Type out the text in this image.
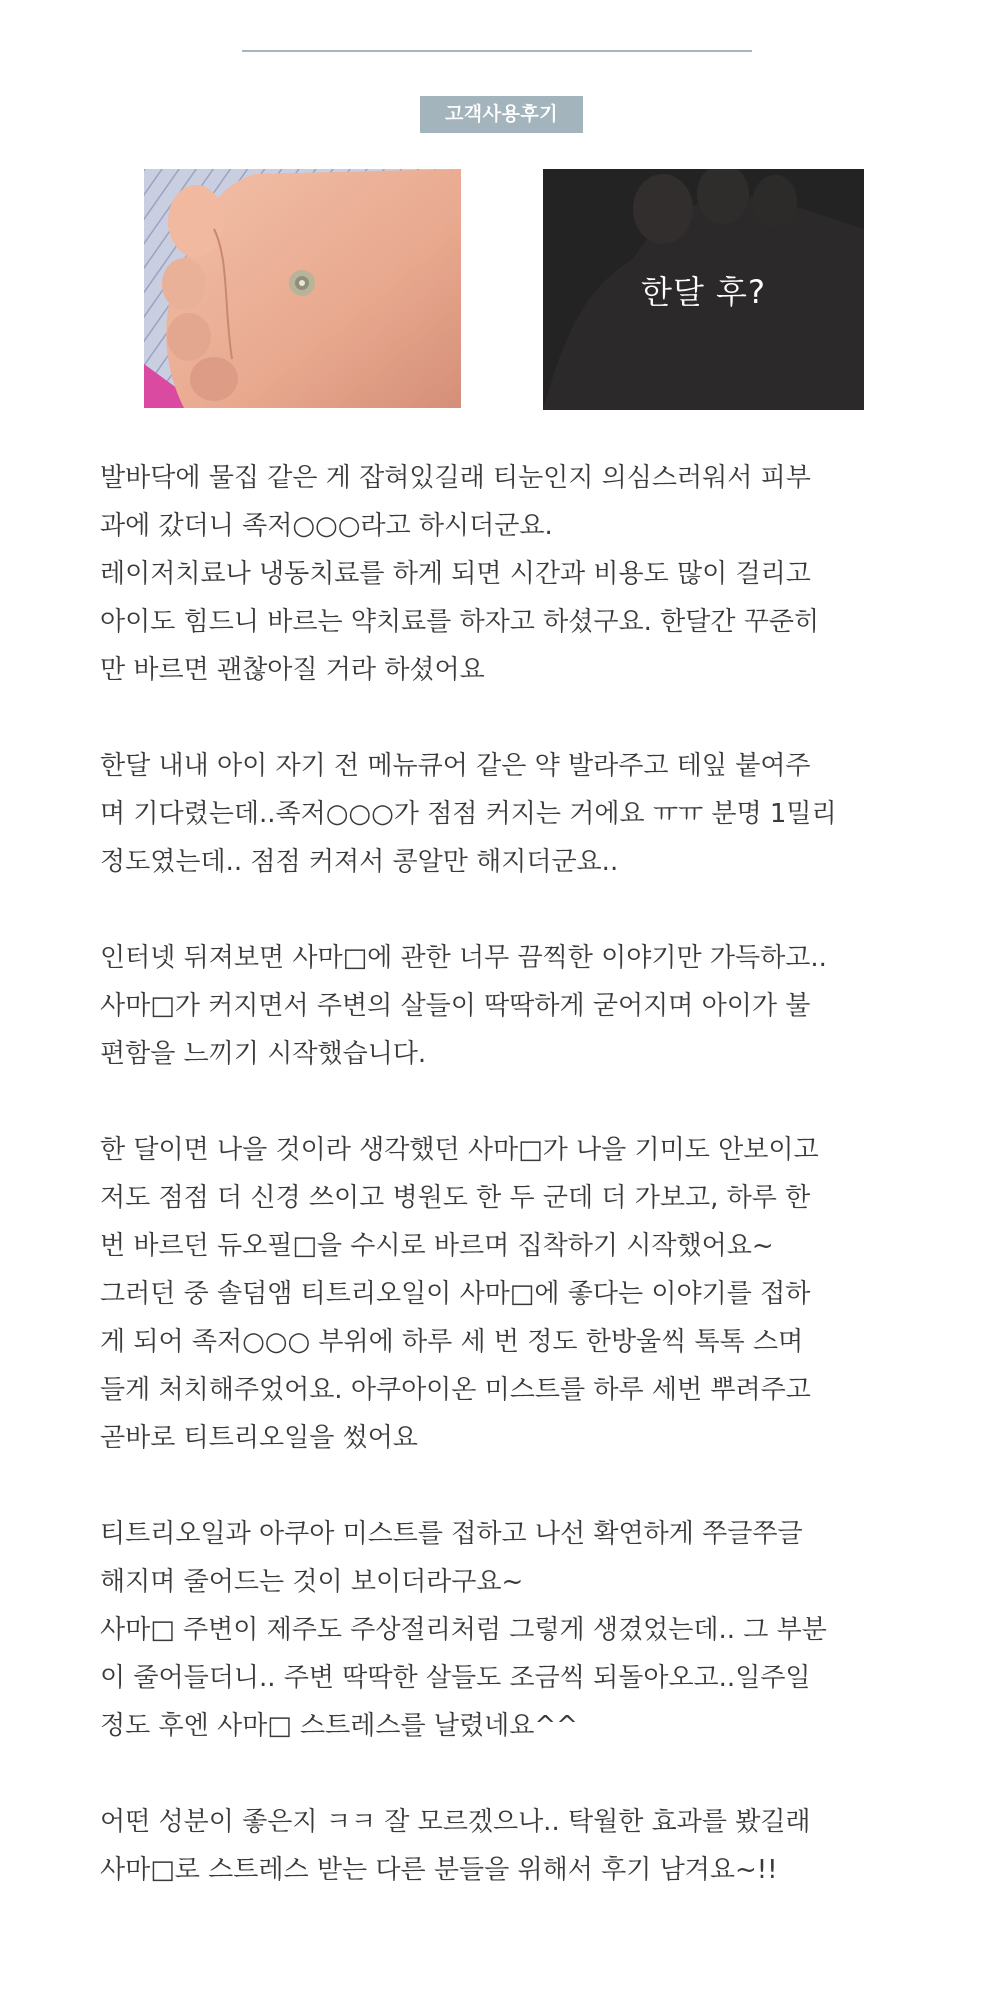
고객사용후기
한달 후?

발바닥에 물집 같은 게 잡혀있길래 티눈인지 의심스러워서 피부
과에 갔더니 족저○○○라고 하시더군요.
레이저치료나 냉동치료를 하게 되면 시간과 비용도 많이 걸리고
아이도 힘드니 바르는 약치료를 하자고 하셨구요. 한달간 꾸준히
만 바르면 괜찮아질 거라 하셨어요

한달 내내 아이 자기 전 메뉴큐어 같은 약 발라주고 테잎 붙여주
며 기다렸는데..족저○○○가 점점 커지는 거에요 ㅠㅠ 분명 1밀리
정도였는데.. 점점 커져서 콩알만 해지더군요..

인터넷 뒤져보면 사마□에 관한 너무 끔찍한 이야기만 가득하고..
사마□가 커지면서 주변의 살들이 딱딱하게 굳어지며 아이가 불
편함을 느끼기 시작했습니다.

한 달이면 나을 것이라 생각했던 사마□가 나을 기미도 안보이고
저도 점점 더 신경 쓰이고 병원도 한 두 군데 더 가보고, 하루 한
번 바르던 듀오필□을 수시로 바르며 집착하기 시작했어요~
그러던 중 솔덤앰 티트리오일이 사마□에 좋다는 이야기를 접하
게 되어 족저○○○ 부위에 하루 세 번 정도 한방울씩 톡톡 스며
들게 처치해주었어요. 아쿠아이온 미스트를 하루 세번 뿌려주고
곧바로 티트리오일을 썼어요

티트리오일과 아쿠아 미스트를 접하고 나선 확연하게 쭈글쭈글
해지며 줄어드는 것이 보이더라구요~
사마□ 주변이 제주도 주상절리처럼 그렇게 생겼었는데.. 그 부분
이 줄어들더니.. 주변 딱딱한 살들도 조금씩 되돌아오고..일주일
정도 후엔 사마□ 스트레스를 날렸네요^^

어떤 성분이 좋은지 ㅋㅋ 잘 모르겠으나.. 탁월한 효과를 봤길래
사마□로 스트레스 받는 다른 분들을 위해서 후기 남겨요~!!
